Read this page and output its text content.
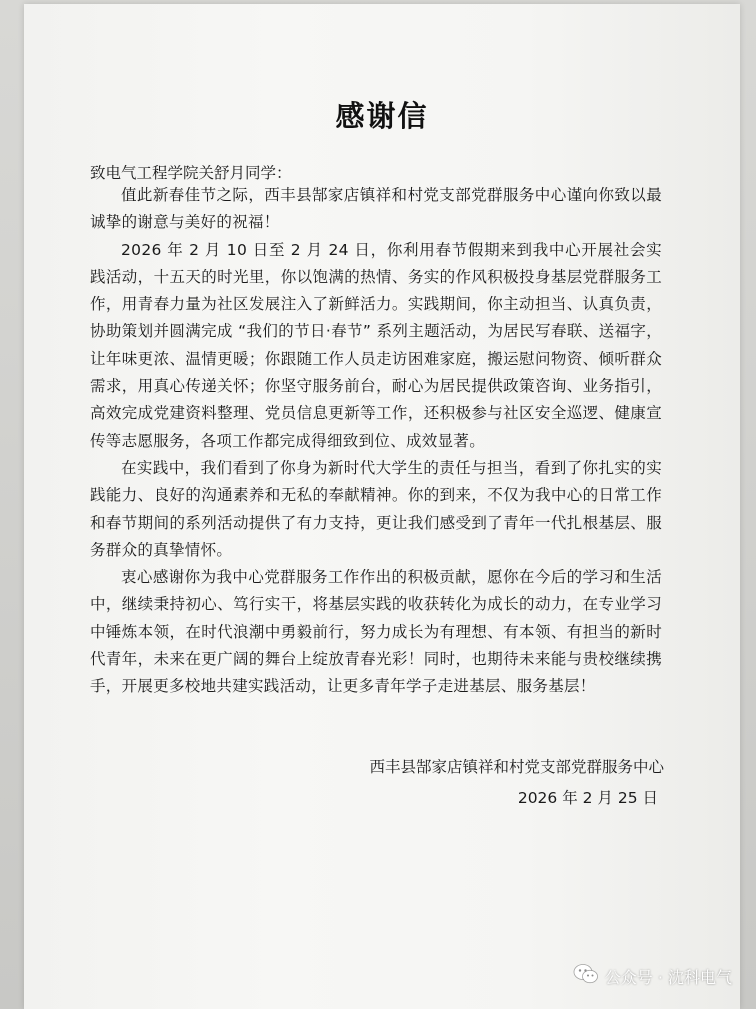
感谢信
致电气工程学院关舒月同学：

值此新春佳节之际，西丰县郜家店镇祥和村党支部党群服务中心谨向你致以最诚挚的谢意与美好的祝福！

2026 年 2 月 10 日至 2 月 24 日，你利用春节假期来到我中心开展社会实践活动，十五天的时光里，你以饱满的热情、务实的作风积极投身基层党群服务工作，用青春力量为社区发展注入了新鲜活力。实践期间，你主动担当、认真负责，协助策划并圆满完成 “我们的节日·春节” 系列主题活动，为居民写春联、送福字，让年味更浓、温情更暖；你跟随工作人员走访困难家庭，搬运慰问物资、倾听群众需求，用真心传递关怀；你坚守服务前台，耐心为居民提供政策咨询、业务指引，高效完成党建资料整理、党员信息更新等工作，还积极参与社区安全巡逻、健康宣传等志愿服务，各项工作都完成得细致到位、成效显著。

在实践中，我们看到了你身为新时代大学生的责任与担当，看到了你扎实的实践能力、良好的沟通素养和无私的奉献精神。你的到来，不仅为我中心的日常工作和春节期间的系列活动提供了有力支持，更让我们感受到了青年一代扎根基层、服务群众的真挚情怀。

衷心感谢你为我中心党群服务工作作出的积极贡献，愿你在今后的学习和生活中，继续秉持初心、笃行实干，将基层实践的收获转化为成长的动力，在专业学习中锤炼本领，在时代浪潮中勇毅前行，努力成长为有理想、有本领、有担当的新时代青年，未来在更广阔的舞台上绽放青春光彩！同时，也期待未来能与贵校继续携手，开展更多校地共建实践活动，让更多青年学子走进基层、服务基层！

西丰县郜家店镇祥和村党支部党群服务中心
2026 年 2 月 25 日
公众号 · 沈科电气
